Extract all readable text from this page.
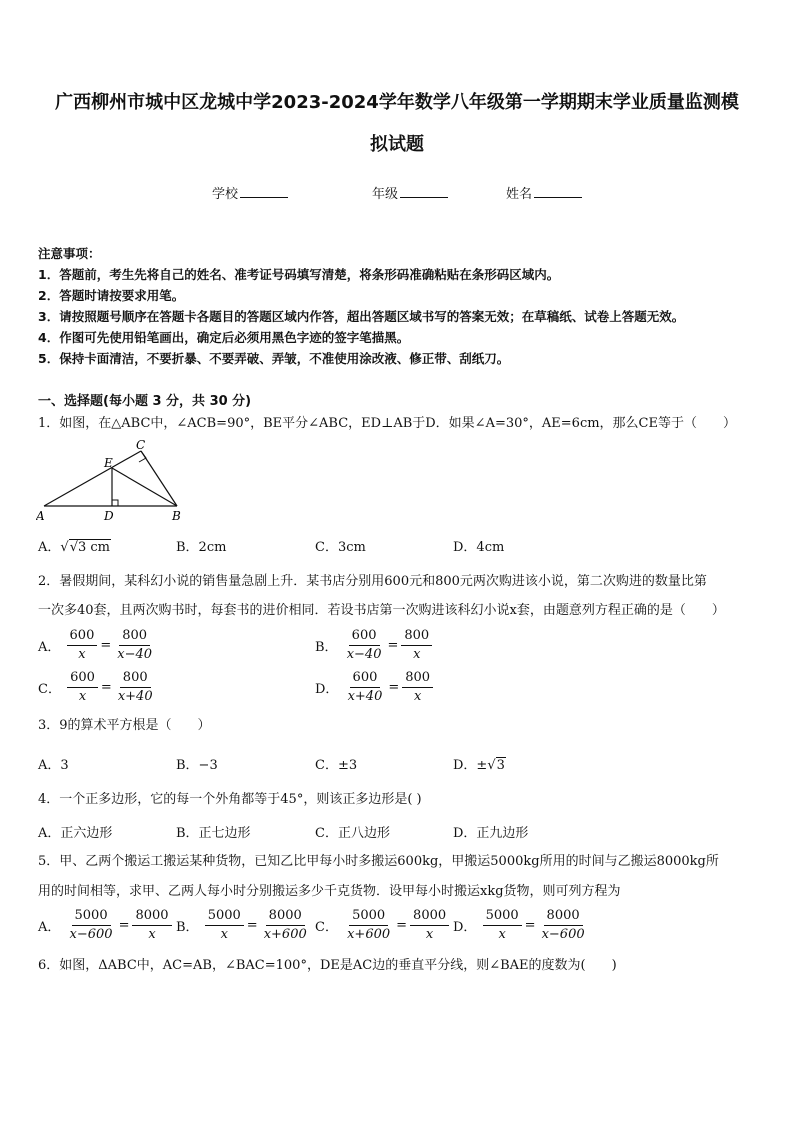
广西柳州市城中区龙城中学2023-2024学年数学八年级第一学期期末学业质量监测模
拟试题
学校	年级	姓名
注意事项：
1．答题前，考生先将自己的姓名、准考证号码填写清楚，将条形码准确粘贴在条形码区域内。
2．答题时请按要求用笔。
3．请按照题号顺序在答题卡各题目的答题区域内作答，超出答题区域书写的答案无效；在草稿纸、试卷上答题无效。
4．作图可先使用铅笔画出，确定后必须用黑色字迹的签字笔描黑。
5．保持卡面清洁，不要折暴、不要弄破、弄皱，不准使用涂改液、修正带、刮纸刀。
一、选择题(每小题 3 分，共 30 分)
1．如图，在△ABC中，∠ACB=90°，BE平分∠ABC，ED⊥AB于D．如果∠A=30°，AE=6cm，那么CE等于（　　）
C
E
A	D	B
A．√√3 cm	B．2cm	C．3cm	D．4cm
2．暑假期间，某科幻小说的销售量急剧上升．某书店分别用600元和800元两次购进该小说，第二次购进的数量比第
一次多40套，且两次购书时，每套书的进价相同．若设书店第一次购进该科幻小说x套，由题意列方程正确的是（　　）
A． $\frac{600}{x} = \frac{800}{x-40}$	B． $\frac{600}{x-40} = \frac{800}{x}$
C． $\frac{600}{x} = \frac{800}{x+40}$	D． $\frac{600}{x+40} = \frac{800}{x}$
3．9的算术平方根是（　　）
A．3	B．−3	C．±3	D．±√3
4．一个正多边形，它的每一个外角都等于45°，则该正多边形是( )
A．正六边形	B．正七边形	C．正八边形	D．正九边形
5．甲、乙两个搬运工搬运某种货物，已知乙比甲每小时多搬运600kg，甲搬运5000kg所用的时间与乙搬运8000kg所
用的时间相等，求甲、乙两人每小时分别搬运多少千克货物．设甲每小时搬运xkg货物，则可列方程为
A． $\frac{5000}{x-600} = \frac{8000}{x}$ B． $\frac{5000}{x} = \frac{8000}{x+600}$ C． $\frac{5000}{x+600} = \frac{8000}{x}$ D． $\frac{5000}{x} = \frac{8000}{x-600}$
6．如图，ΔABC中，AC=AB，∠BAC=100°，DE是AC边的垂直平分线，则∠BAE的度数为(　　)
